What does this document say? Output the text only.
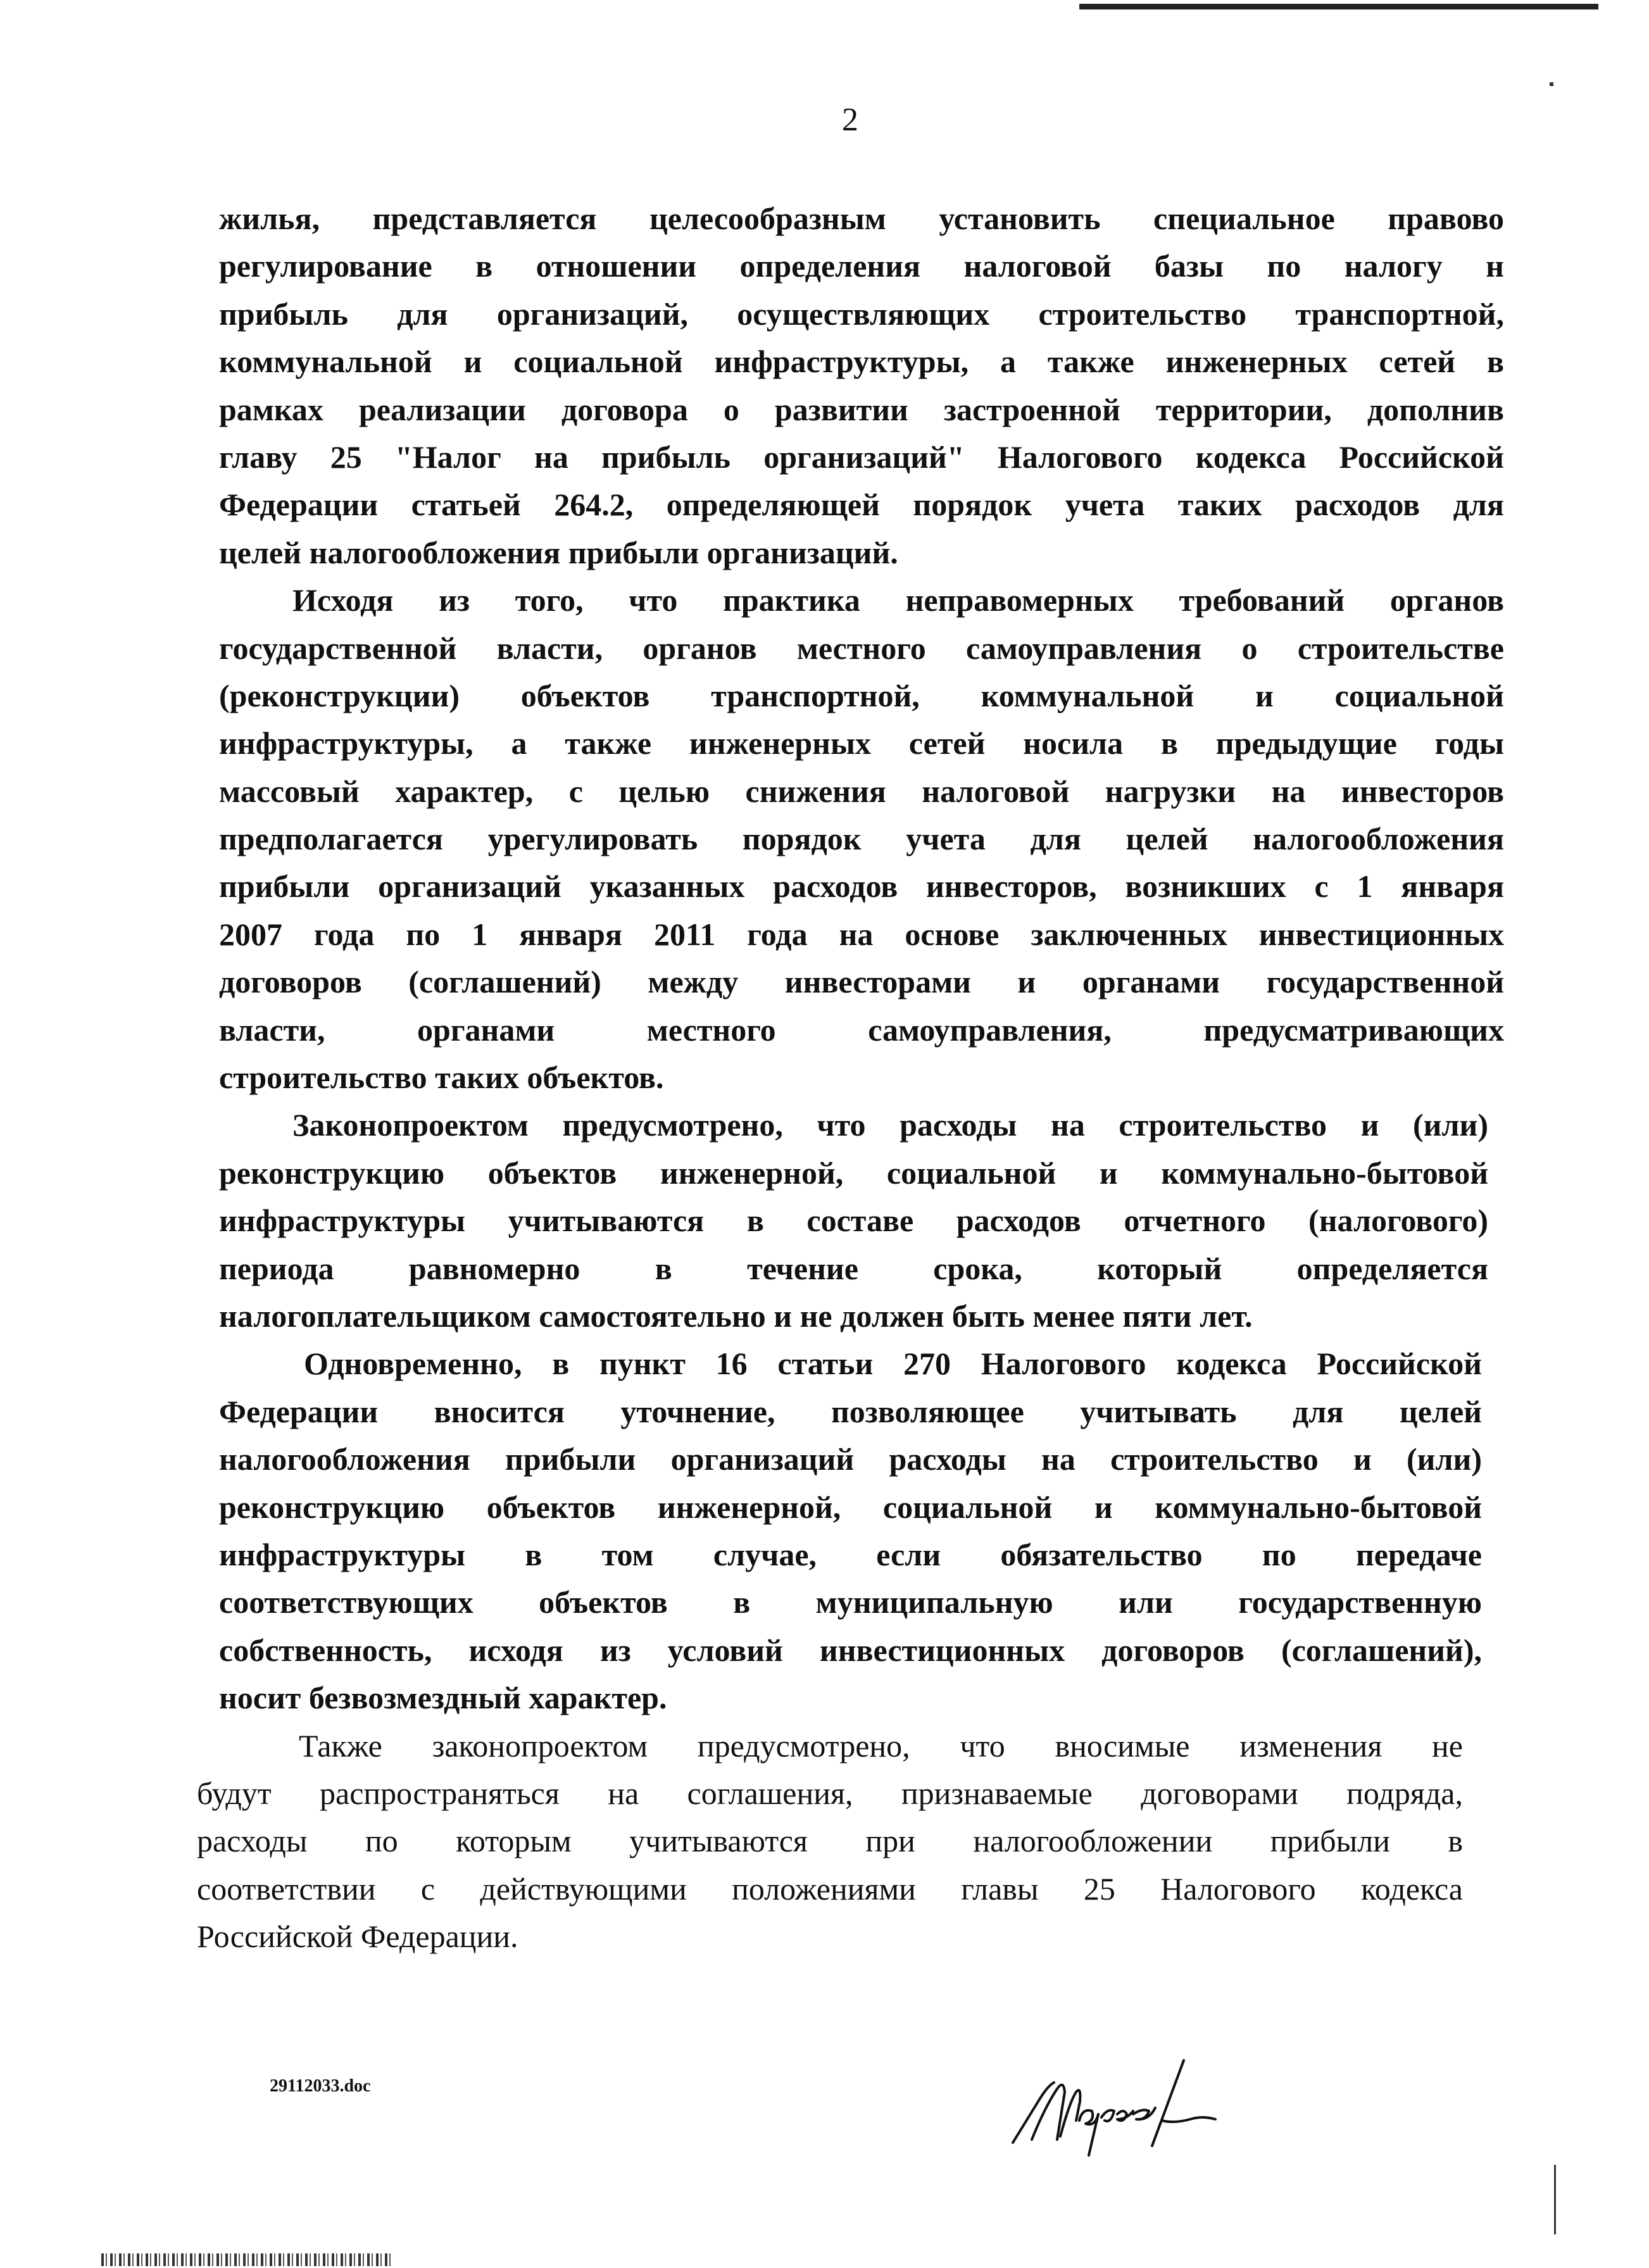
2
жилья, представляется целесообразным установить специальное правово
регулирование в отношении определения налоговой базы по налогу н
прибыль для организаций, осуществляющих строительство транспортной,
коммунальной и социальной инфраструктуры, а также инженерных сетей в
рамках реализации договора о развитии застроенной территории, дополнив
главу 25 "Налог на прибыль организаций" Налогового кодекса Российской
Федерации статьей 264.2, определяющей порядок учета таких расходов для
целей налогообложения прибыли организаций.
Исходя из того, что практика неправомерных требований органов
государственной власти, органов местного самоуправления о строительстве
(реконструкции) объектов транспортной, коммунальной и социальной
инфраструктуры, а также инженерных сетей носила в предыдущие годы
массовый характер, с целью снижения налоговой нагрузки на инвесторов
предполагается урегулировать порядок учета для целей налогообложения
прибыли организаций указанных расходов инвесторов, возникших с 1 января
2007 года по 1 января 2011 года на основе заключенных инвестиционных
договоров (соглашений) между инвесторами и органами государственной
власти, органами местного самоуправления, предусматривающих
строительство таких объектов.
Законопроектом предусмотрено, что расходы на строительство и (или)
реконструкцию объектов инженерной, социальной и коммунально-бытовой
инфраструктуры учитываются в составе расходов отчетного (налогового)
периода равномерно в течение срока, который определяется
налогоплательщиком самостоятельно и не должен быть менее пяти лет.
Одновременно, в пункт 16 статьи 270 Налогового кодекса Российской
Федерации вносится уточнение, позволяющее учитывать для целей
налогообложения прибыли организаций расходы на строительство и (или)
реконструкцию объектов инженерной, социальной и коммунально-бытовой
инфраструктуры в том случае, если обязательство по передаче
соответствующих объектов в муниципальную или государственную
собственность, исходя из условий инвестиционных договоров (соглашений),
носит безвозмездный характер.
Также законопроектом предусмотрено, что вносимые изменения не
будут распространяться на соглашения, признаваемые договорами подряда,
расходы по которым учитываются при налогообложении прибыли в
соответствии с действующими положениями главы 25 Налогового кодекса
Российской Федерации.
29112033.doc
